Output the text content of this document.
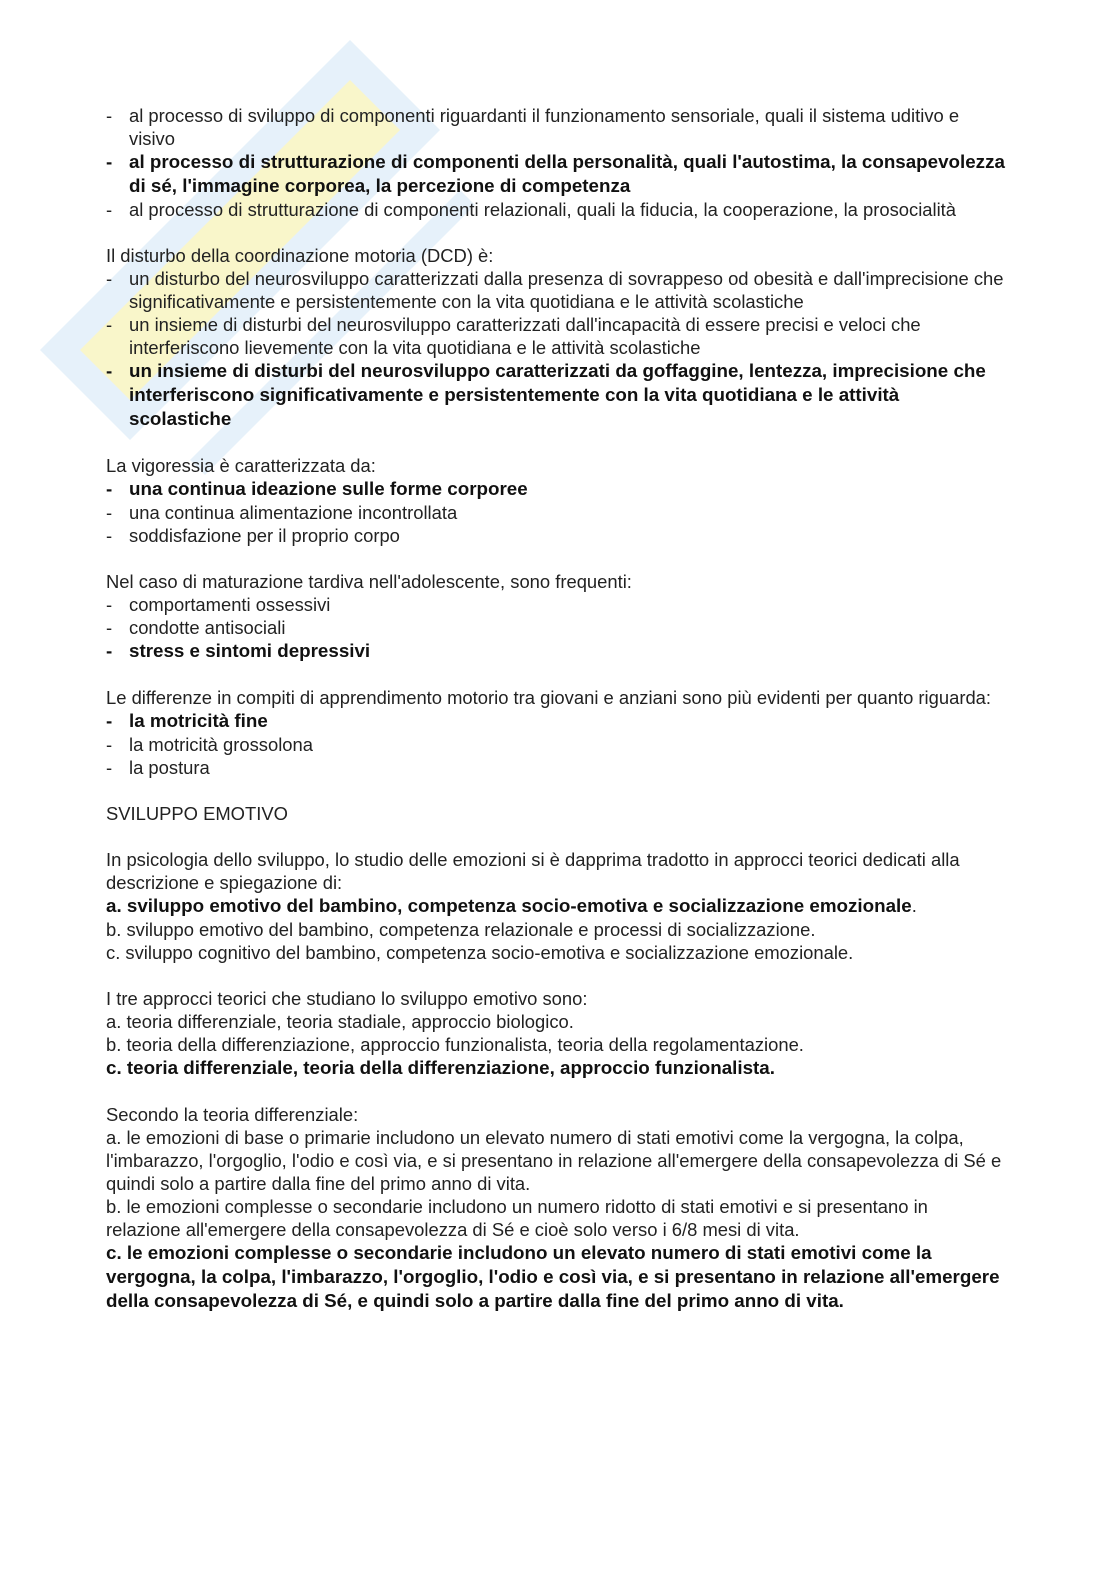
- al processo di sviluppo di componenti riguardanti il funzionamento sensoriale, quali il sistema uditivo e visivo
- al processo di strutturazione di componenti della personalità, quali l'autostima, la consapevolezza di sé, l'immagine corporea, la percezione di competenza
- al processo di strutturazione di componenti relazionali, quali la fiducia, la cooperazione, la prosocialità
Il disturbo della coordinazione motoria (DCD) è:
- un disturbo del neurosviluppo caratterizzati dalla presenza di sovrappeso od obesità e dall'imprecisione che significativamente e persistentemente con la vita quotidiana e le attività scolastiche
- un insieme di disturbi del neurosviluppo caratterizzati dall'incapacità di essere precisi e veloci che interferiscono lievemente con la vita quotidiana e le attività scolastiche
- un insieme di disturbi del neurosviluppo caratterizzati da goffaggine, lentezza, imprecisione che interferiscono significativamente e persistentemente con la vita quotidiana e le attività scolastiche
La vigoressia è caratterizzata da:
- una continua ideazione sulle forme corporee
- una continua alimentazione incontrollata
- soddisfazione per il proprio corpo
Nel caso di maturazione tardiva nell'adolescente, sono frequenti:
- comportamenti ossessivi
- condotte antisociali
- stress e sintomi depressivi
Le differenze in compiti di apprendimento motorio tra giovani e anziani sono più evidenti per quanto riguarda:
- la motricità fine
- la motricità grossolona
- la postura
SVILUPPO EMOTIVO
In psicologia dello sviluppo, lo studio delle emozioni si è dapprima tradotto in approcci teorici dedicati alla descrizione e spiegazione di:
a. sviluppo emotivo del bambino, competenza socio-emotiva e socializzazione emozionale.
b. sviluppo emotivo del bambino, competenza relazionale e processi di socializzazione.
c. sviluppo cognitivo del bambino, competenza socio-emotiva e socializzazione emozionale.
I tre approcci teorici che studiano lo sviluppo emotivo sono:
a. teoria differenziale, teoria stadiale, approccio biologico.
b. teoria della differenziazione, approccio funzionalista, teoria della regolamentazione.
c. teoria differenziale, teoria della differenziazione, approccio funzionalista.
Secondo la teoria differenziale:
a. le emozioni di base o primarie includono un elevato numero di stati emotivi come la vergogna, la colpa, l'imbarazzo, l'orgoglio, l'odio e così via, e si presentano in relazione all'emergere della consapevolezza di Sé e quindi solo a partire dalla fine del primo anno di vita.
b. le emozioni complesse o secondarie includono un numero ridotto di stati emotivi e si presentano in relazione all'emergere della consapevolezza di Sé e cioè solo verso i 6/8 mesi di vita.
c. le emozioni complesse o secondarie includono un elevato numero di stati emotivi come la vergogna, la colpa, l'imbarazzo, l'orgoglio, l'odio e così via, e si presentano in relazione all'emergere della consapevolezza di Sé, e quindi solo a partire dalla fine del primo anno di vita.
